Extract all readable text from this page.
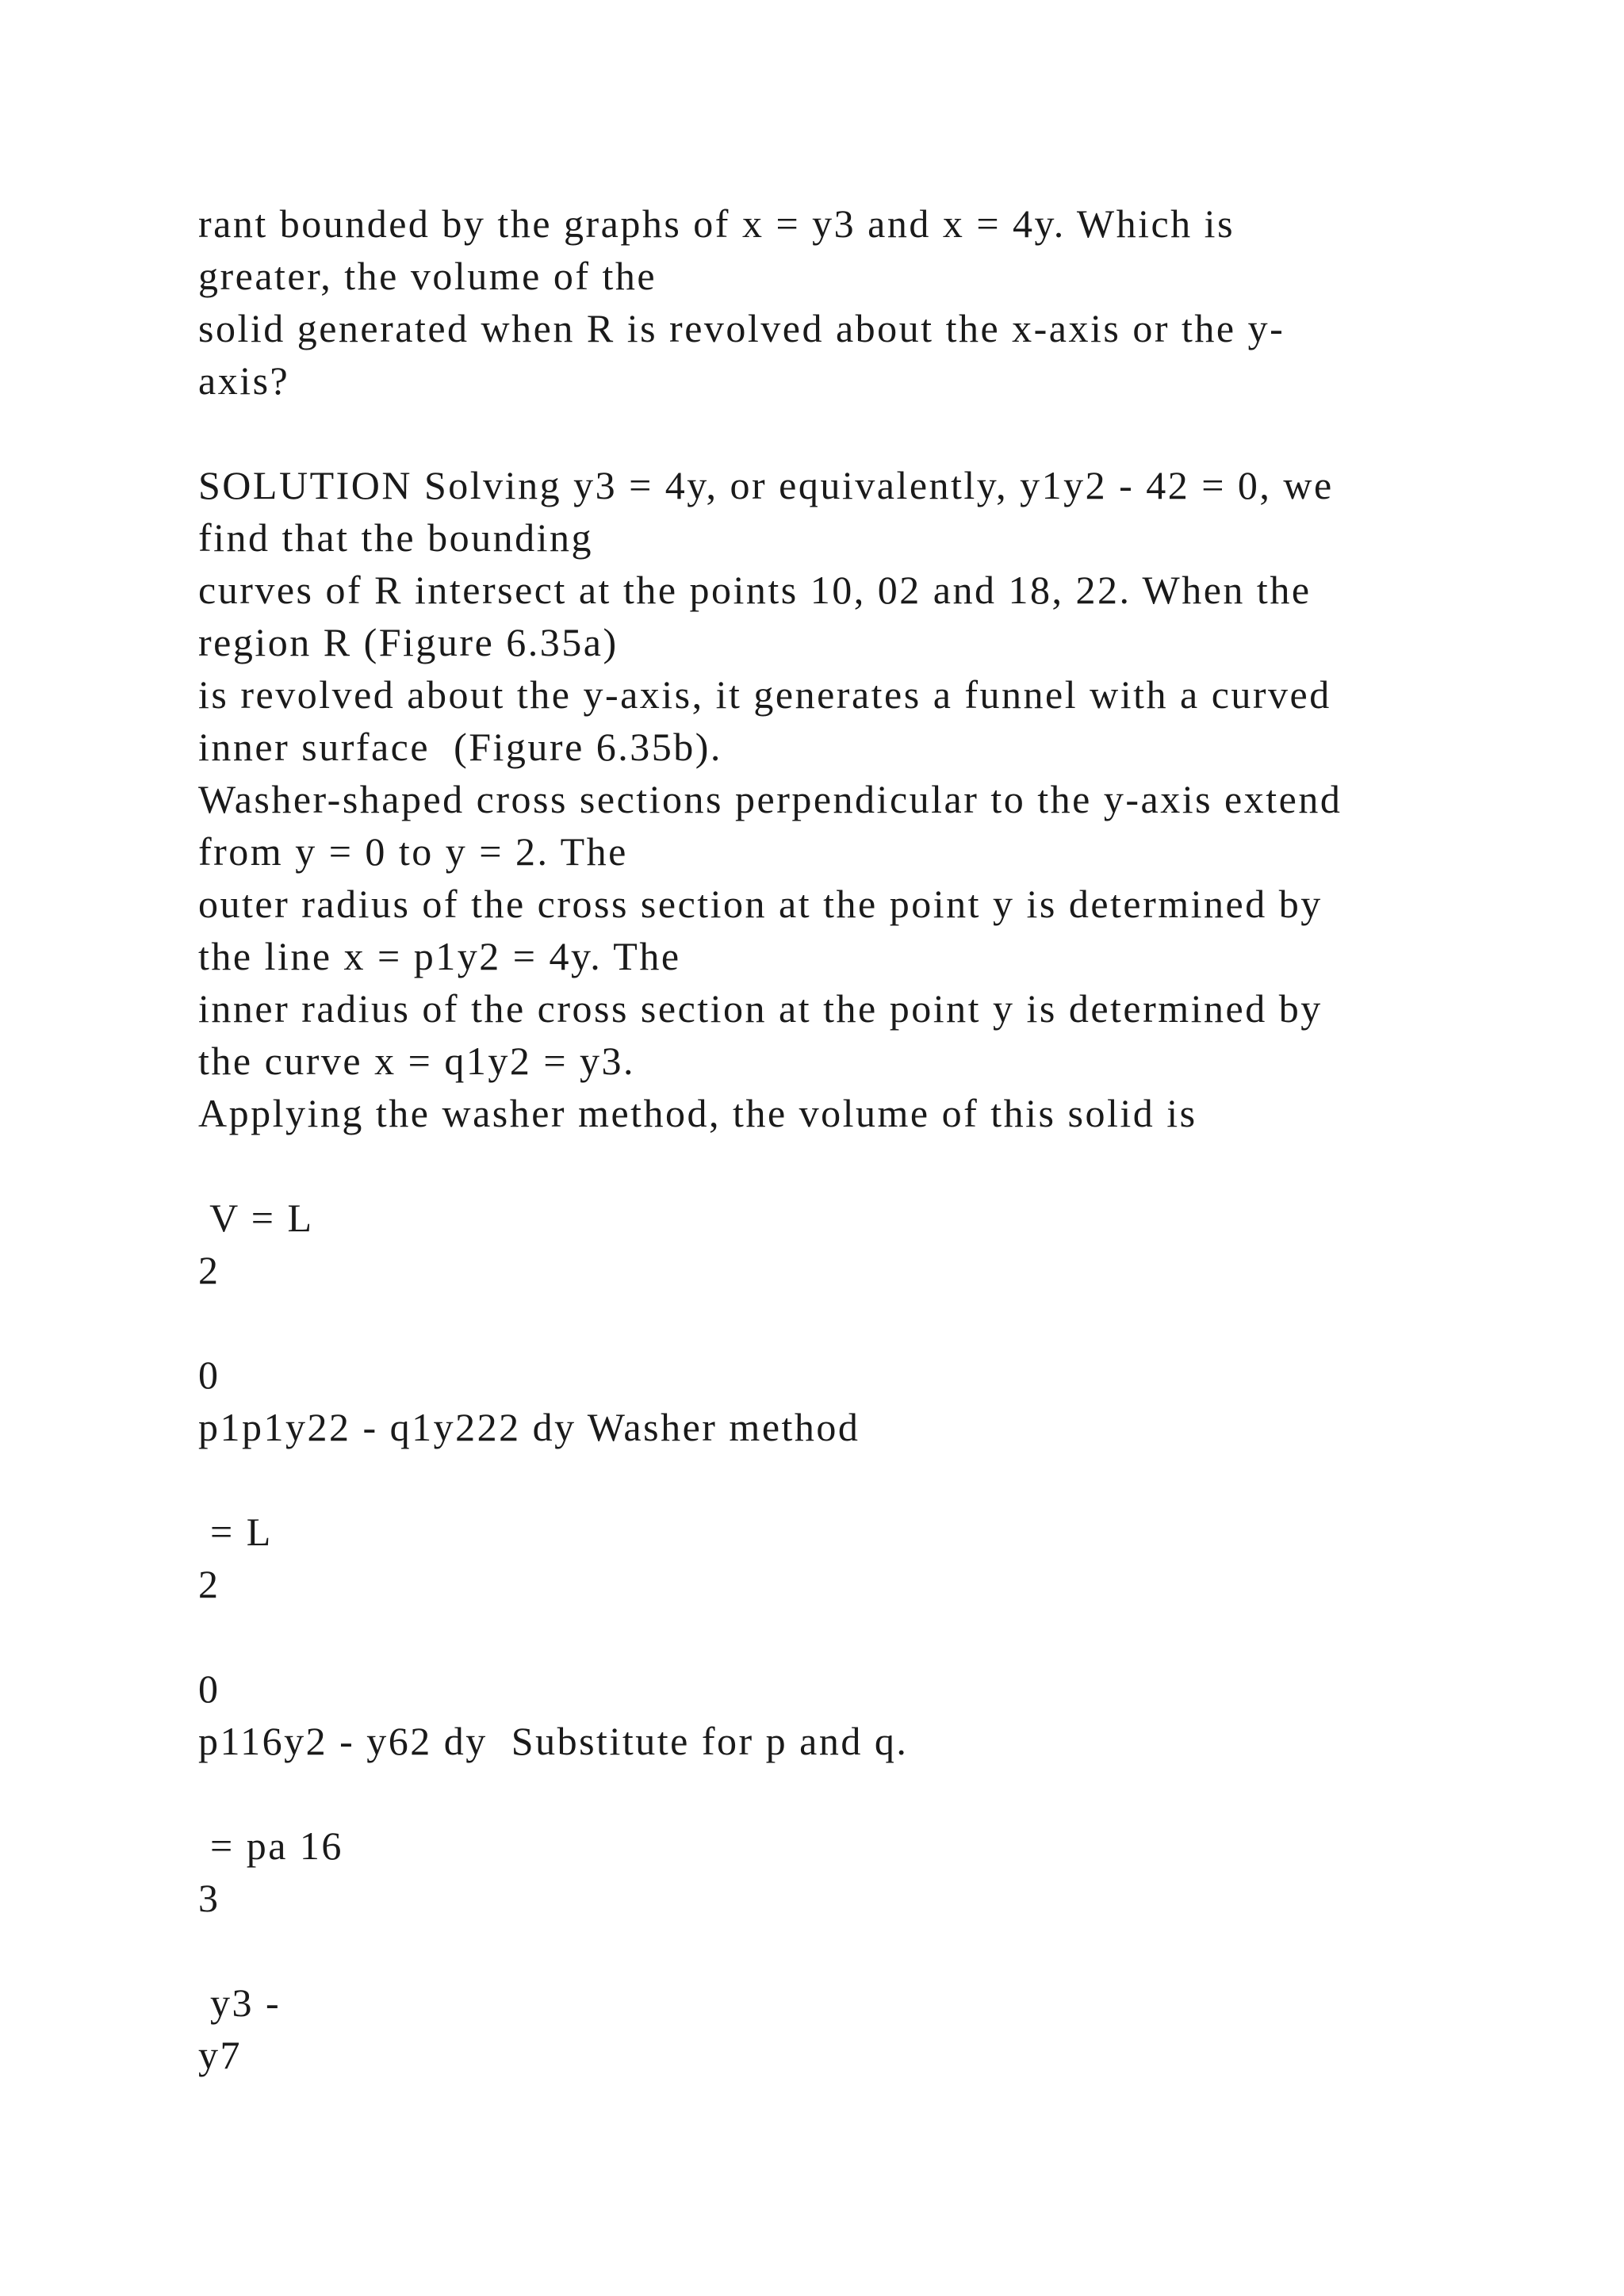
rant bounded by the graphs of x = y3 and x = 4y. Which is
greater, the volume of the
solid generated when R is revolved about the x-axis or the y-
axis?
SOLUTION Solving y3 = 4y, or equivalently, y1y2 - 42 = 0, we
find that the bounding
curves of R intersect at the points 10, 02 and 18, 22. When the
region R (Figure 6.35a)
is revolved about the y-axis, it generates a funnel with a curved
inner surface  (Figure 6.35b).
Washer-shaped cross sections perpendicular to the y-axis extend
from y = 0 to y = 2. The
outer radius of the cross section at the point y is determined by
the line x = p1y2 = 4y. The
inner radius of the cross section at the point y is determined by
the curve x = q1y2 = y3.
Applying the washer method, the volume of this solid is
V = L
2
0
p1p1y22 - q1y222 dy Washer method
= L
2
0
p116y2 - y62 dy  Substitute for p and q.
= pa 16
3
y3 -
y7
